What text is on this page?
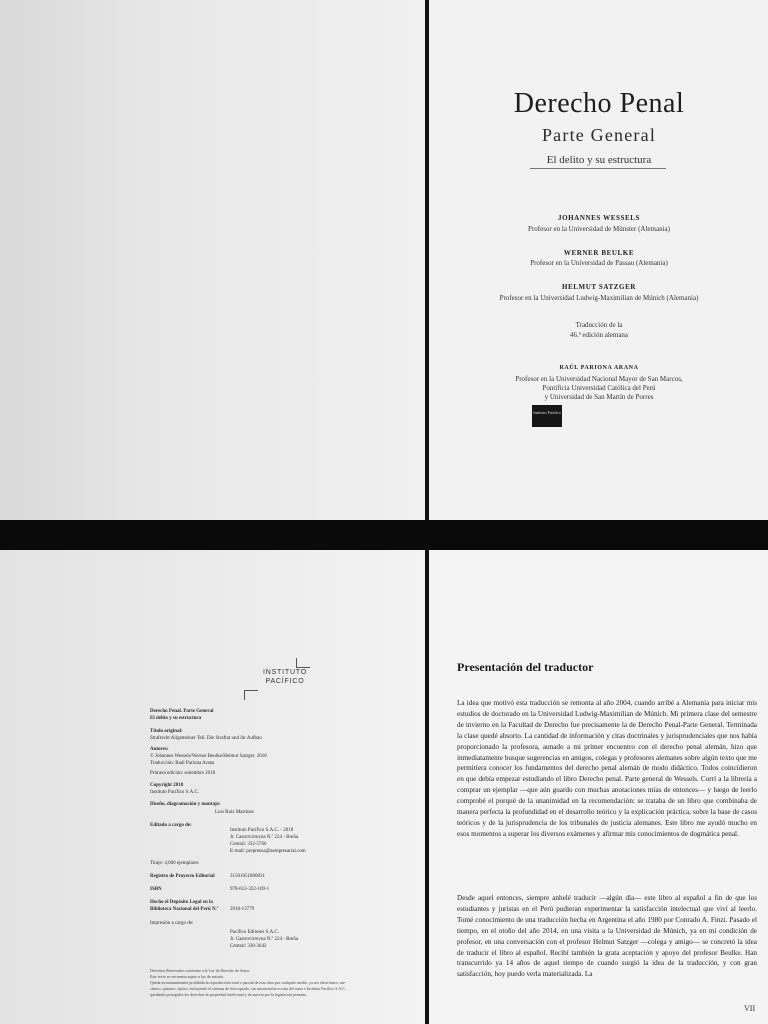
Derecho Penal
Parte General
El delito y su estructura
JOHANNES WESSELS
Profesor en la Universidad de Münster (Alemania)
WERNER BEULKE
Profesor en la Universidad de Passau (Alemania)
HELMUT SATZGER
Profesor en la Universidad Ludwig-Maximilian de Múnich (Alemania)
Traducción de la
46.ª edición alemana
RAÚL PARIONA ARANA
Profesor en la Universidad Nacional Mayor de San Marcos,
Pontificia Universidad Católica del Perú
y Universidad de San Martín de Porres
Instituto Pacífico
INSTITUTO
PACÍFICO
Derecho Penal. Parte General
El delito y su estructura
Título original:
Strafrecht Allgemeiner Teil. Die Straftat und ihr Aufbau
Autores:
© Johannes Wessels/Werner Beulke/Helmut Satzger. 2018
Traducción: Raúl Pariona Arana
Primera edición: setiembre 2018
Copyright 2018
Instituto Pacífico S.A.C.
Diseño, diagramación y montaje:
Luis Ruiz Martínez
Editado a cargo de:
Instituto Pacífico S.A.C. - 2018
Jr. Castrovirreyna N.º 224 - Breña
Central: 332-5766
E-mail: preprensa@aempresarial.com
Tiraje: 4,000 ejemplares
Registro de Proyecto Editorial	31501051800831
ISBN	978-612-322-109-1
Hecho el Depósito Legal en la
Biblioteca Nacional del Perú N.º	2018-13779
Impresión a cargo de:
Pacífico Editores S.A.C.
Jr. Castrovirreyna N.º 224 - Breña
Central: 330-3642
Derechos Reservados conforme a la Ley de Derecho de Autor.
Este texto se encuentra sujeto a ley de autoría.
Queda terminantemente prohibida la reproducción total o parcial de esta obra por cualquier medio, ya sea electrónico, me-
cánico, químico, óptico, incluyendo el sistema de fotocopiado, sin autorización escrita del autor e Instituto Pacífico S.A.C.
quedando protegidos los derechos de propiedad intelectual y de autoría por la legislación peruana.
Presentación del traductor

La idea que motivó esta traducción se remonta al año 2004, cuando arribé a Alemania para iniciar mis estudios de doctorado en la Universidad Ludwig-Maximilian de Múnich. Mi primera clase del semestre de invierno en la Facultad de Derecho fue precisamente la de Derecho Penal-Parte General. Terminada la clase quedé absorto. La cantidad de información y citas doctrinales y jurisprudenciales que nos había proporcionado la profesora, aunado a mi primer encuentro con el derecho penal alemán, hizo que inmediatamente busque sugerencias en amigos, colegas y profesores alemanes sobre algún texto que me permitiera conocer los fundamentos del derecho penal alemán de modo didáctico. Todos coincidieron en que debía empezar estudiando el libro Derecho penal. Parte general de Wessels. Corrí a la librería a comprar un ejemplar —que aún guardo con muchas anotaciones mías de entonces— y luego de leerlo comprobé el porqué de la unanimidad en la recomendación: se trataba de un libro que combinaba de manera perfecta la profundidad en el desarrollo teórico y la explicación práctica, sobre la base de casos teóricos y de la jurisprudencia de los tribunales de justicia alemanes. Este libro me ayudó mucho en esos momentos a superar los diversos exámenes y afirmar mis conocimientos de dogmática penal.

Desde aquel entonces, siempre anhelé traducir —algún día— este libro al español a fin de que los estudiantes y juristas en el Perú pudieran experimentar la satisfacción intelectual que viví al leerlo. Tomé conocimiento de una traducción hecha en Argentina el año 1980 por Conrado A. Finzi. Pasado el tiempo, en el otoño del año 2014, en una visita a la Universidad de Múnich, ya en mi condición de profesor, en una conversación con el profesor Helmut Satzger —colega y amigo— se concretó la idea de traducir el libro al español. Recibí también la grata aceptación y apoyo del profesor Beulke. Han transcurrido ya 14 años de aquel tiempo de cuando surgió la idea de la traducción, y con gran satisfacción, hoy puedo verla materializada. La

VII
